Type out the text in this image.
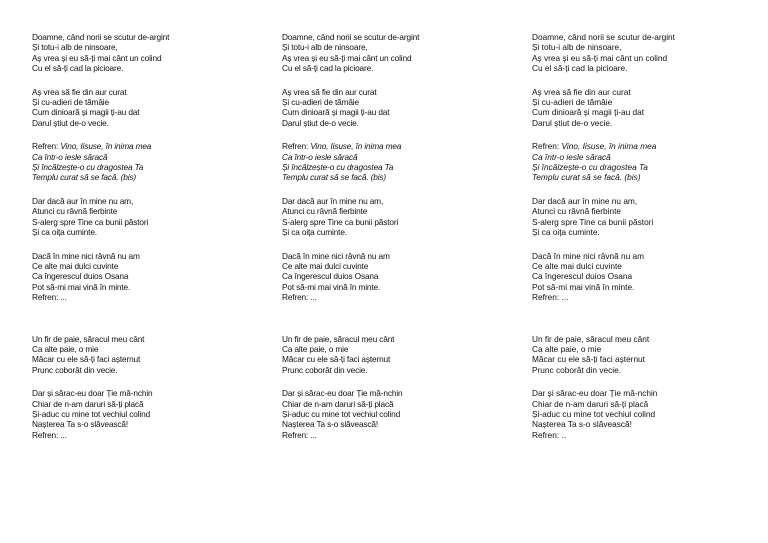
Doamne, când norii se scutur de-argint
Și totu-i alb de ninsoare,
Aș vrea și eu să-ți mai cânt un colind
Cu el să-ți cad la picioare.
Aș vrea să fie din aur curat
Și cu-adieri de tămâie
Cum dinioară și magii ți-au dat
Darul știut de-o vecie.
Refren: Vino, Iisuse, în inima mea
Ca într-o iesle săracă
Și încălzește-o cu dragostea Ta
Templu curat să se facă. (bis)
Dar dacă aur în mine nu am,
Atunci cu râvnă fierbinte
S-alerg spre Tine ca bunii păstori
Și ca oița cuminte.
Dacă în mine nici râvnă nu am
Ce alte mai dulci cuvinte
Ca îngerescul duios Osana
Pot să-mi mai vină în minte.
Refren: ...
Un fir de paie, săracul meu cânt
Ca alte paie, o mie
Măcar cu ele să-ți faci așternut
Prunc coborât din vecie.
Dar și sărac-eu doar Ție mă-nchin
Chiar de n-am daruri să-ți placă
Și-aduc cu mine tot vechiul colind
Nașterea Ta s-o slăvească!
Refren: ...
Doamne, când norii se scutur de-argint
Și totu-i alb de ninsoare,
Aș vrea și eu să-ți mai cânt un colind
Cu el să-ți cad la picioare.
Aș vrea să fie din aur curat
Și cu-adieri de tămâie
Cum dinioară și magii ți-au dat
Darul știut de-o vecie.
Refren: Vino, Iisuse, în inima mea
Ca într-o iesle săracă
Și încălzește-o cu dragostea Ta
Templu curat să se facă. (bis)
Dar dacă aur în mine nu am,
Atunci cu râvnă fierbinte
S-alerg spre Tine ca bunii păstori
Și ca oița cuminte.
Dacă în mine nici râvnă nu am
Ce alte mai dulci cuvinte
Ca îngerescul duios Osana
Pot să-mi mai vină în minte.
Refren: ...
Un fir de paie, săracul meu cânt
Ca alte paie, o mie
Măcar cu ele să-ți faci așternut
Prunc coborât din vecie.
Dar și sărac-eu doar Ție mă-nchin
Chiar de n-am daruri să-ți placă
Și-aduc cu mine tot vechiul colind
Nașterea Ta s-o slăvească!
Refren: ...
Doamne, când norii se scutur de-argint
Și totu-i alb de ninsoare,
Aș vrea și eu să-ți mai cânt un colind
Cu el să-ți cad la picioare.
Aș vrea să fie din aur curat
Și cu-adieri de tămâie
Cum dinioară și magii ți-au dat
Darul știut de-o vecie.
Refren: Vino, Iisuse, în inima mea
Ca într-o iesle săracă
Și încălzește-o cu dragostea Ta
Templu curat să se facă. (bis)
Dar dacă aur în mine nu am,
Atunci cu râvnă fierbinte
S-alerg spre Tine ca bunii păstori
Și ca oița cuminte.
Dacă în mine nici râvnă nu am
Ce alte mai dulci cuvinte
Ca îngerescul duios Osana
Pot să-mi mai vină în minte.
Refren: ...
Un fir de paie, săracul meu cânt
Ca alte paie, o mie
Măcar cu ele să-ți faci așternut
Prunc coborât din vecie.
Dar și sărac-eu doar Ție mă-nchin
Chiar de n-am daruri să-ți placă
Și-aduc cu mine tot vechiul colind
Nașterea Ta s-o slăvească!
Refren: ..
